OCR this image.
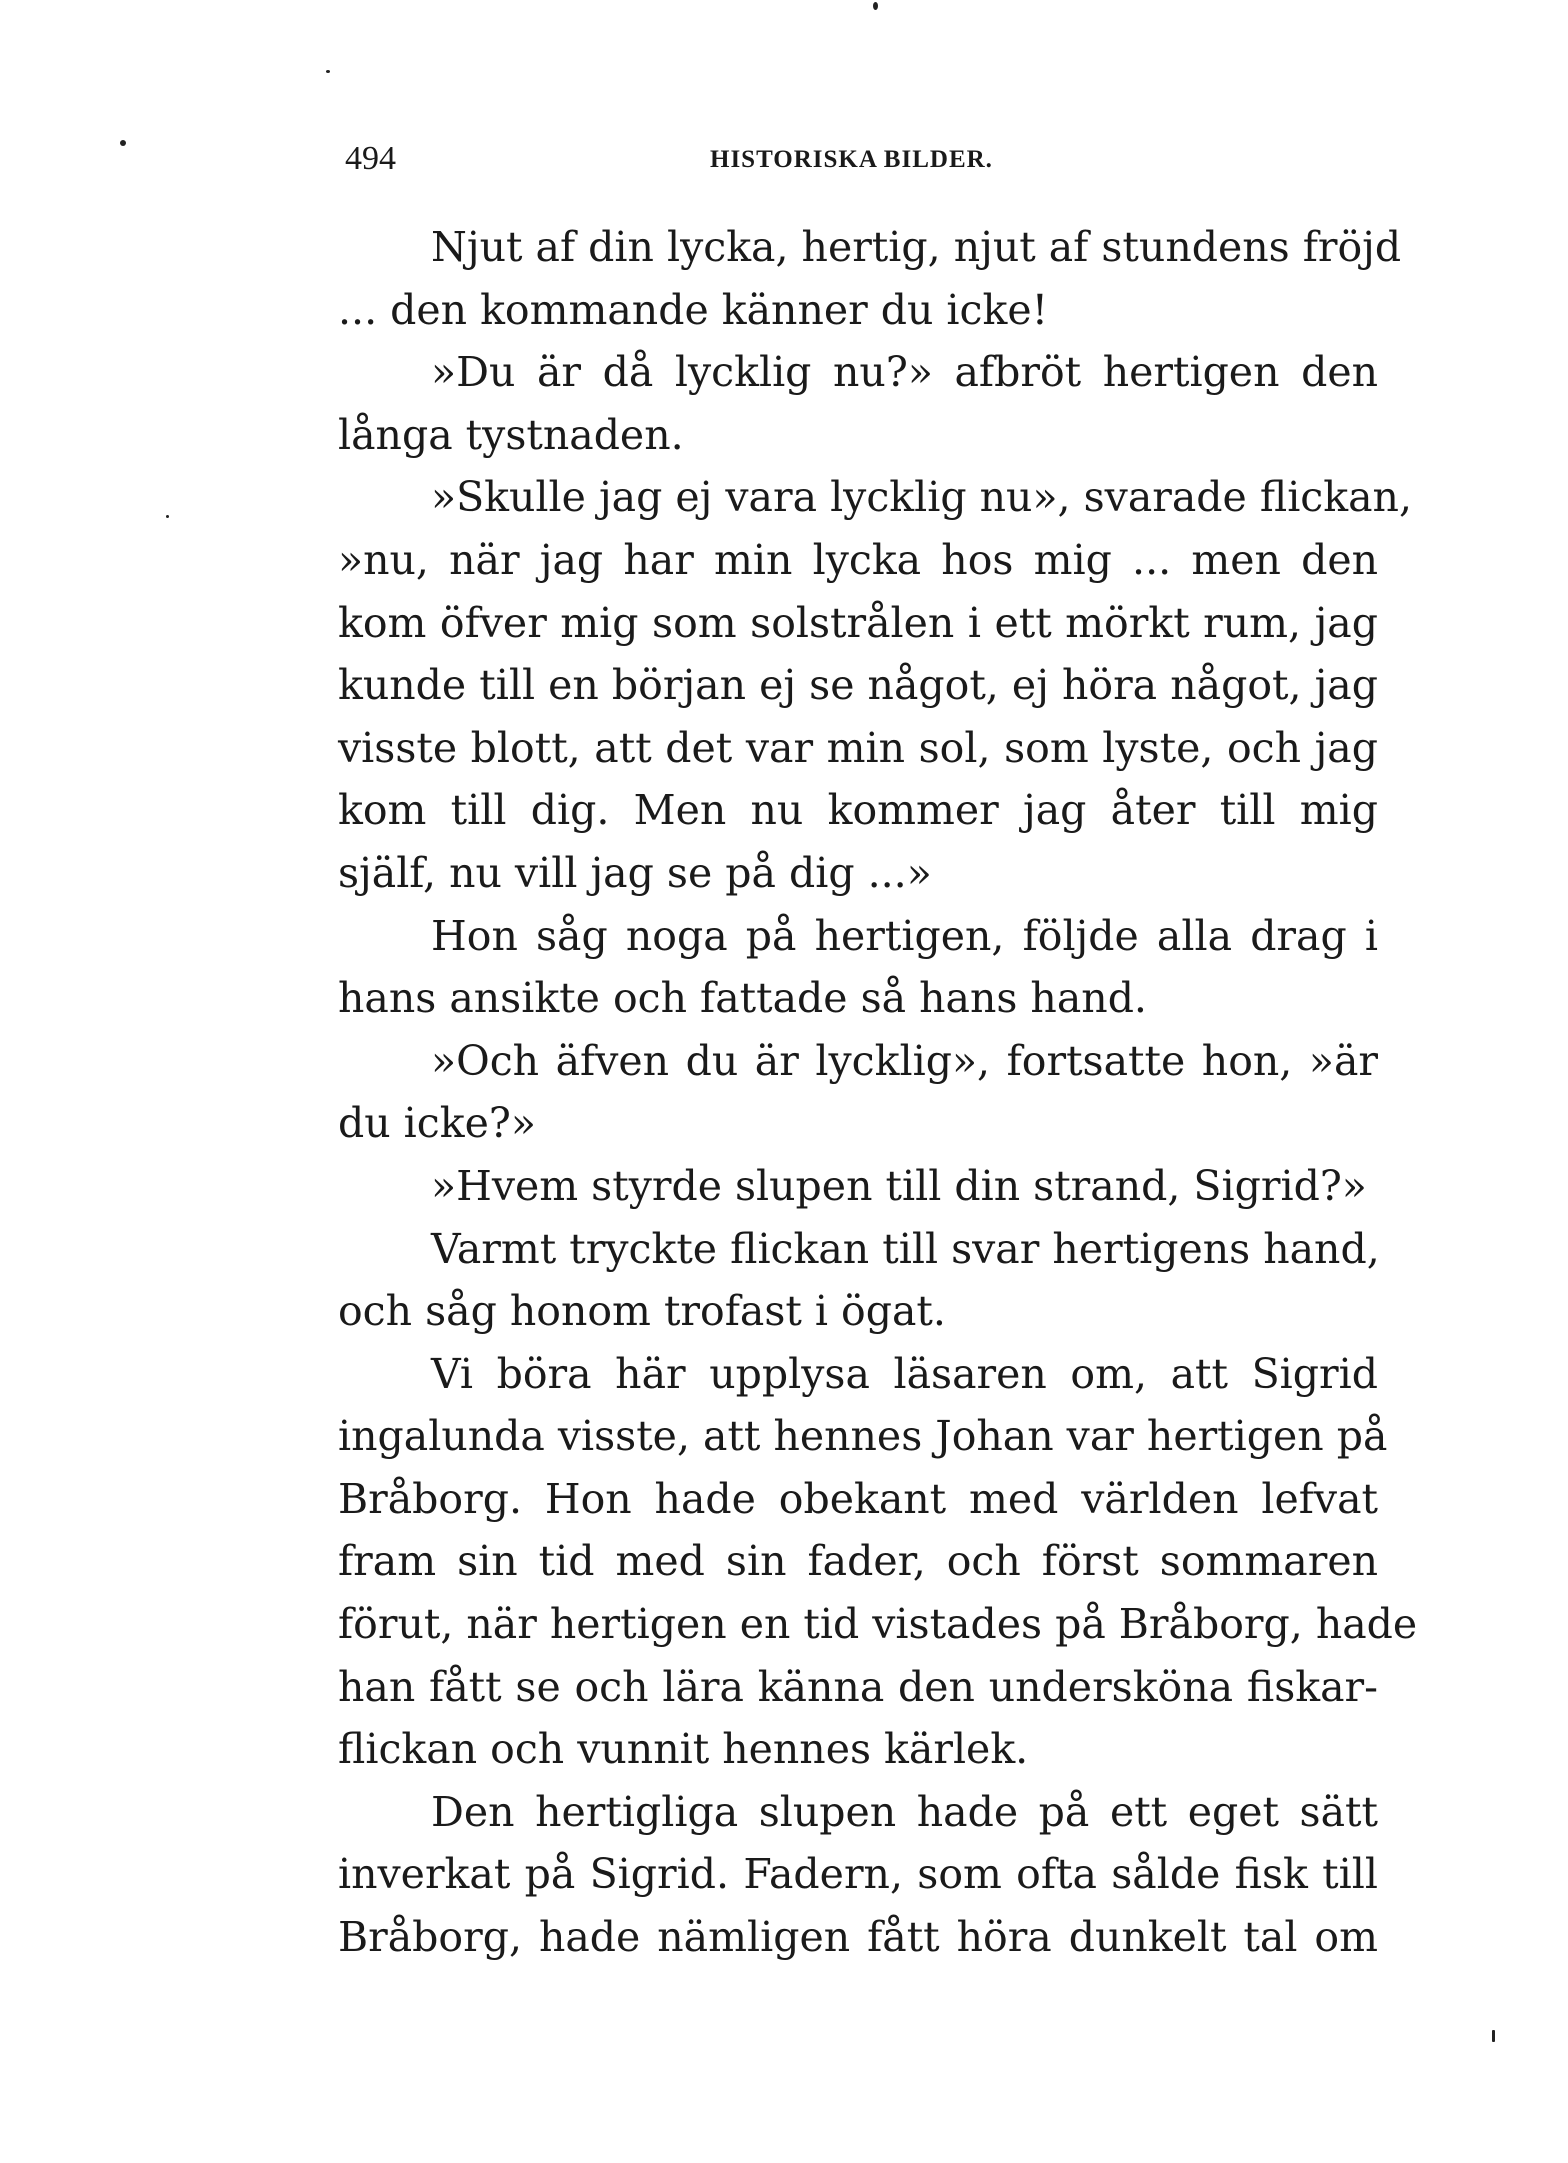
494	HISTORISKA BILDER.
Njut af din lycka, hertig, njut af stundens fröjd
... den kommande känner du icke!
»Du är då lycklig nu?» afbröt hertigen den
långa tystnaden.
»Skulle jag ej vara lycklig nu», svarade flickan,
»nu, när jag har min lycka hos mig ... men den
kom öfver mig som solstrålen i ett mörkt rum, jag
kunde till en början ej se något, ej höra något, jag
visste blott, att det var min sol, som lyste, och jag
kom till dig. Men nu kommer jag åter till mig
själf, nu vill jag se på dig ...»
Hon såg noga på hertigen, följde alla drag i
hans ansikte och fattade så hans hand.
»Och äfven du är lycklig», fortsatte hon, »är
du icke?»
»Hvem styrde slupen till din strand, Sigrid?»
Varmt tryckte flickan till svar hertigens hand,
och såg honom trofast i ögat.
Vi böra här upplysa läsaren om, att Sigrid
ingalunda visste, att hennes Johan var hertigen på
Bråborg. Hon hade obekant med världen lefvat
fram sin tid med sin fader, och först sommaren
förut, när hertigen en tid vistades på Bråborg, hade
han fått se och lära känna den undersköna fiskar-
flickan och vunnit hennes kärlek.
Den hertigliga slupen hade på ett eget sätt
inverkat på Sigrid. Fadern, som ofta sålde fisk till
Bråborg, hade nämligen fått höra dunkelt tal om
